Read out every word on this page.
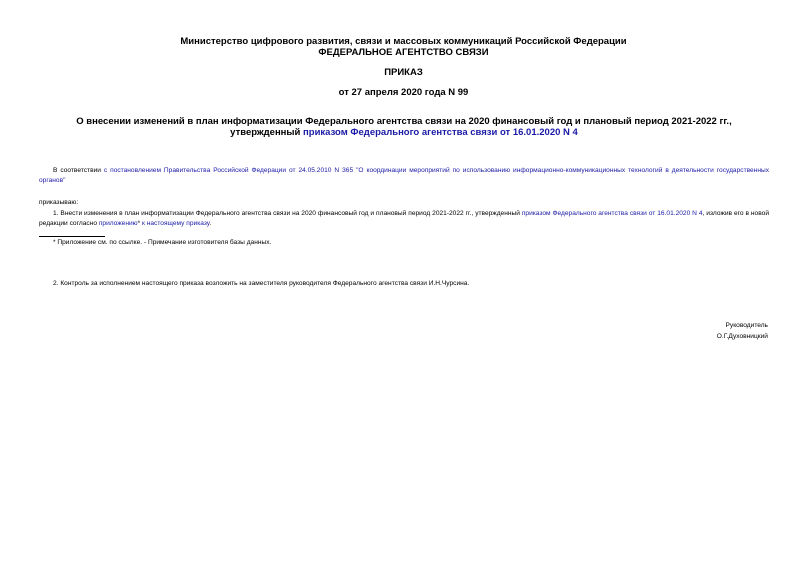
Министерство цифрового развития, связи и массовых коммуникаций Российской Федерации
ФЕДЕРАЛЬНОЕ АГЕНТСТВО СВЯЗИ
ПРИКАЗ
от 27 апреля 2020 года N 99
О внесении изменений в план информатизации Федерального агентства связи на 2020 финансовый год и плановый период 2021-2022 гг., утвержденный приказом Федерального агентства связи от 16.01.2020 N 4
В соответствии с постановлением Правительства Российской Федерации от 24.05.2010 N 365 "О координации мероприятий по использованию информационно-коммуникационных технологий в деятельности государственных органов"
приказываю:
1. Внести изменения в план информатизации Федерального агентства связи на 2020 финансовый год и плановый период 2021-2022 гг., утвержденный приказом Федерального агентства связи от 16.01.2020 N 4, изложив его в новой редакции согласно приложению* к настоящему приказу.
* Приложение см. по ссылке. - Примечание изготовителя базы данных.
2. Контроль за исполнением настоящего приказа возложить на заместителя руководителя Федерального агентства связи И.Н.Чурсина.
Руководитель
О.Г.Духовницкий
